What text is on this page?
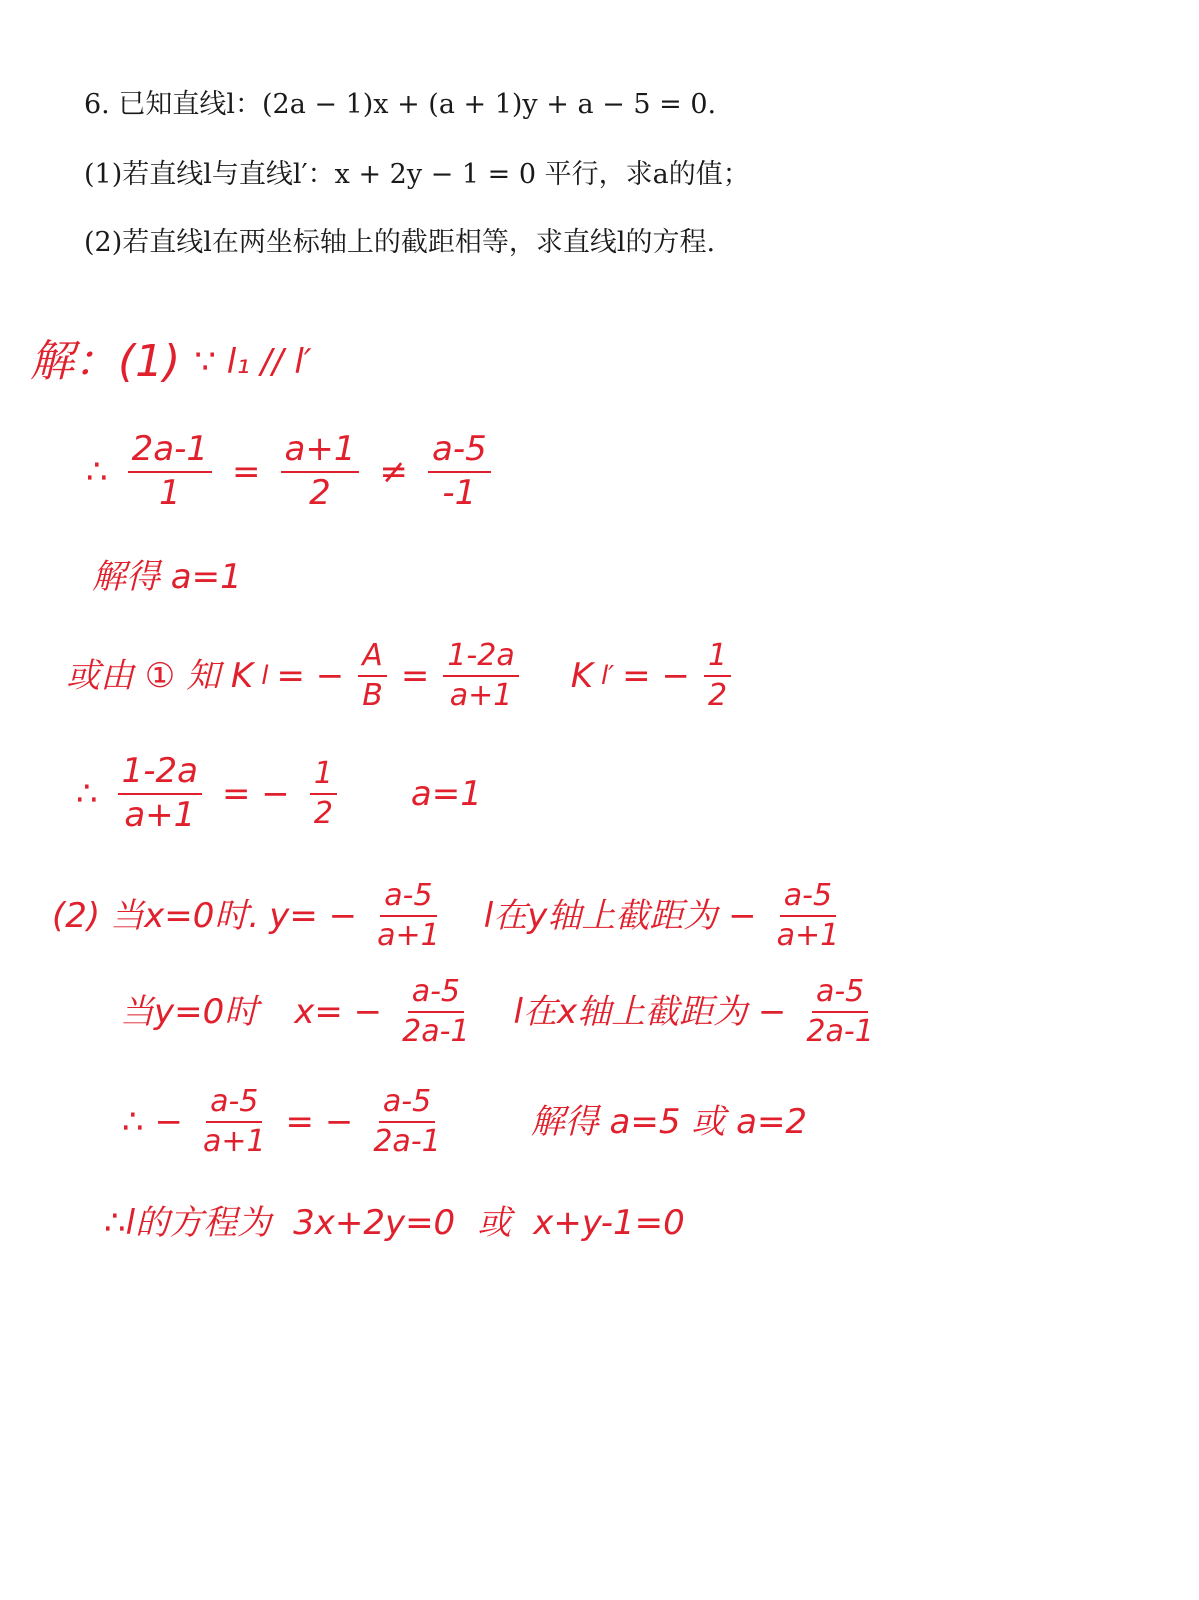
6. 已知直线l：(2a − 1)x + (a + 1)y + a − 5 = 0.
(1)若直线l与直线l′：x + 2y − 1 = 0 平行，求a的值；
(2)若直线l在两坐标轴上的截距相等，求直线l的方程.
解：(1) ∵ l₁ // l′
∴ $\frac{2a-1}{1} = \frac{a+1}{2} \ne \frac{a-5}{-1}$
解得 a=1
或由 ① 知 K l = − $\frac{A}{B} = \frac{1-2a}{a+1}$ K l′ = − $\frac{1}{2}$
∴ $\frac{1-2a}{a+1}$ = − $\frac{1}{2} a=1$
(2) 当x=0时. $y= - \frac{a-5}{a+1}$ l在y轴上截距为 − $\frac{a-5}{a+1}$
当y=0时 $x= - \frac{a-5}{2a-1}$ l在x轴上截距为 − $\frac{a-5}{2a-1}$
∴ − $\frac{a-5}{a+1}$ = − $\frac{a-5}{2a-1}$	解得 a=5 或 a=2
∴l的方程为 3x+2y=0 或 x+y-1=0
